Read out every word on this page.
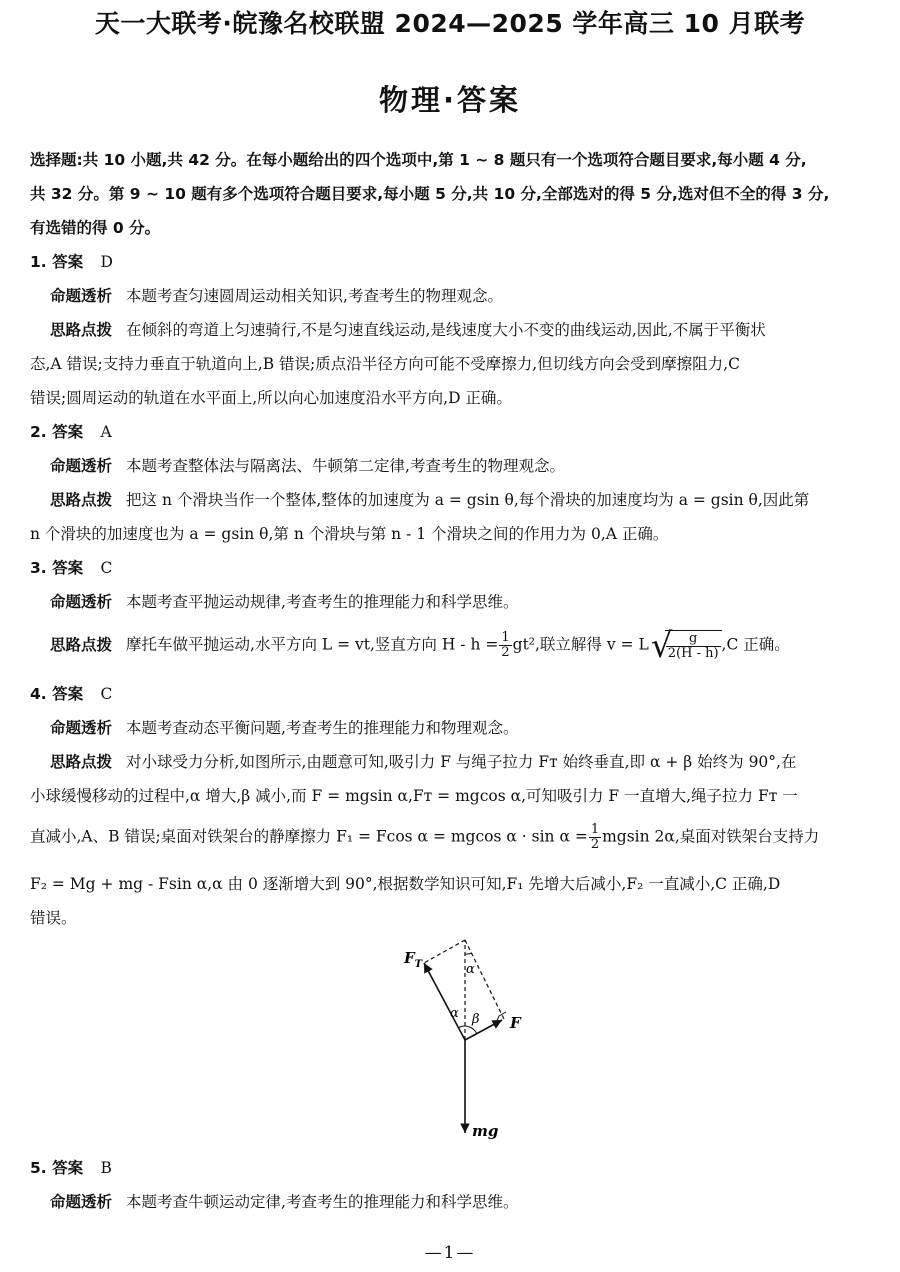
天一大联考·皖豫名校联盟 2024—2025 学年高三 10 月联考
物理·答案
选择题:共 10 小题,共 42 分。在每小题给出的四个选项中,第 1 ~ 8 题只有一个选项符合题目要求,每小题 4 分,
共 32 分。第 9 ~ 10 题有多个选项符合题目要求,每小题 5 分,共 10 分,全部选对的得 5 分,选对但不全的得 3 分,
有选错的得 0 分。
1. 答案 D
命题透析 本题考查匀速圆周运动相关知识,考查考生的物理观念。
思路点拨 在倾斜的弯道上匀速骑行,不是匀速直线运动,是线速度大小不变的曲线运动,因此,不属于平衡状
态,A 错误;支持力垂直于轨道向上,B 错误;质点沿半径方向可能不受摩擦力,但切线方向会受到摩擦阻力,C
错误;圆周运动的轨道在水平面上,所以向心加速度沿水平方向,D 正确。
2. 答案 A
命题透析 本题考查整体法与隔离法、牛顿第二定律,考查考生的物理观念。
思路点拨 把这 n 个滑块当作一个整体,整体的加速度为 a = gsin θ,每个滑块的加速度均为 a = gsin θ,因此第
n 个滑块的加速度也为 a = gsin θ,第 n 个滑块与第 n - 1 个滑块之间的作用力为 0,A 正确。
3. 答案 C
命题透析 本题考查平抛运动规律,考查考生的推理能力和科学思维。
思路点拨 摩托车做平抛运动,水平方向 L = vt,竖直方向 $H - h = \frac{1}{2} gt^2$,联立解得 v = L √
$\frac{g}{2(H - h)} ,C$ 正确。
4. 答案 C
命题透析 本题考查动态平衡问题,考查考生的推理能力和物理观念。
思路点拨 对小球受力分析,如图所示,由题意可知,吸引力 F 与绳子拉力 Fᴛ 始终垂直,即 α + β 始终为 90°,在
小球缓慢移动的过程中,α 增大,β 减小,而 F = mgsin α,Fᴛ = mgcos α,可知吸引力 F 一直增大,绳子拉力 Fᴛ 一
直减小,A、B 错误;桌面对铁架台的静摩擦力 F₁ = Fcos α = mgcos $\alpha \cdot \sin \alpha = \frac{1}{2}$ mgsin 2α,桌面对铁架台支持力
F₂ = Mg + mg - Fsin α,α 由 0 逐渐增大到 90°,根据数学知识可知,F₁ 先增大后减小,F₂ 一直减小,C 正确,D
错误。
$F_T$
F
mg
α β
α
5. 答案 B
命题透析 本题考查牛顿运动定律,考查考生的推理能力和科学思维。
—1—
